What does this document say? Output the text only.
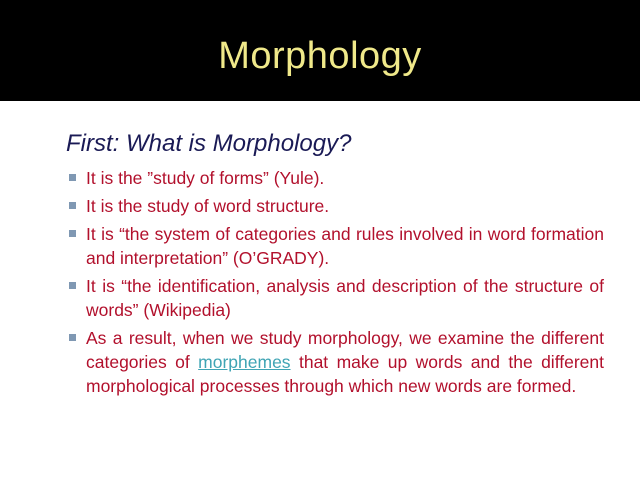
Morphology
First: What is Morphology?
It is the ”study of forms” (Yule).
It is the study of word structure.
It is “the system of categories and rules involved in word formation and interpretation” (O’GRADY).
It is “the identification, analysis and description of the structure of words” (Wikipedia)
As a result, when we study morphology, we examine the different categories of morphemes that make up words and the different morphological processes through which new words are formed.
